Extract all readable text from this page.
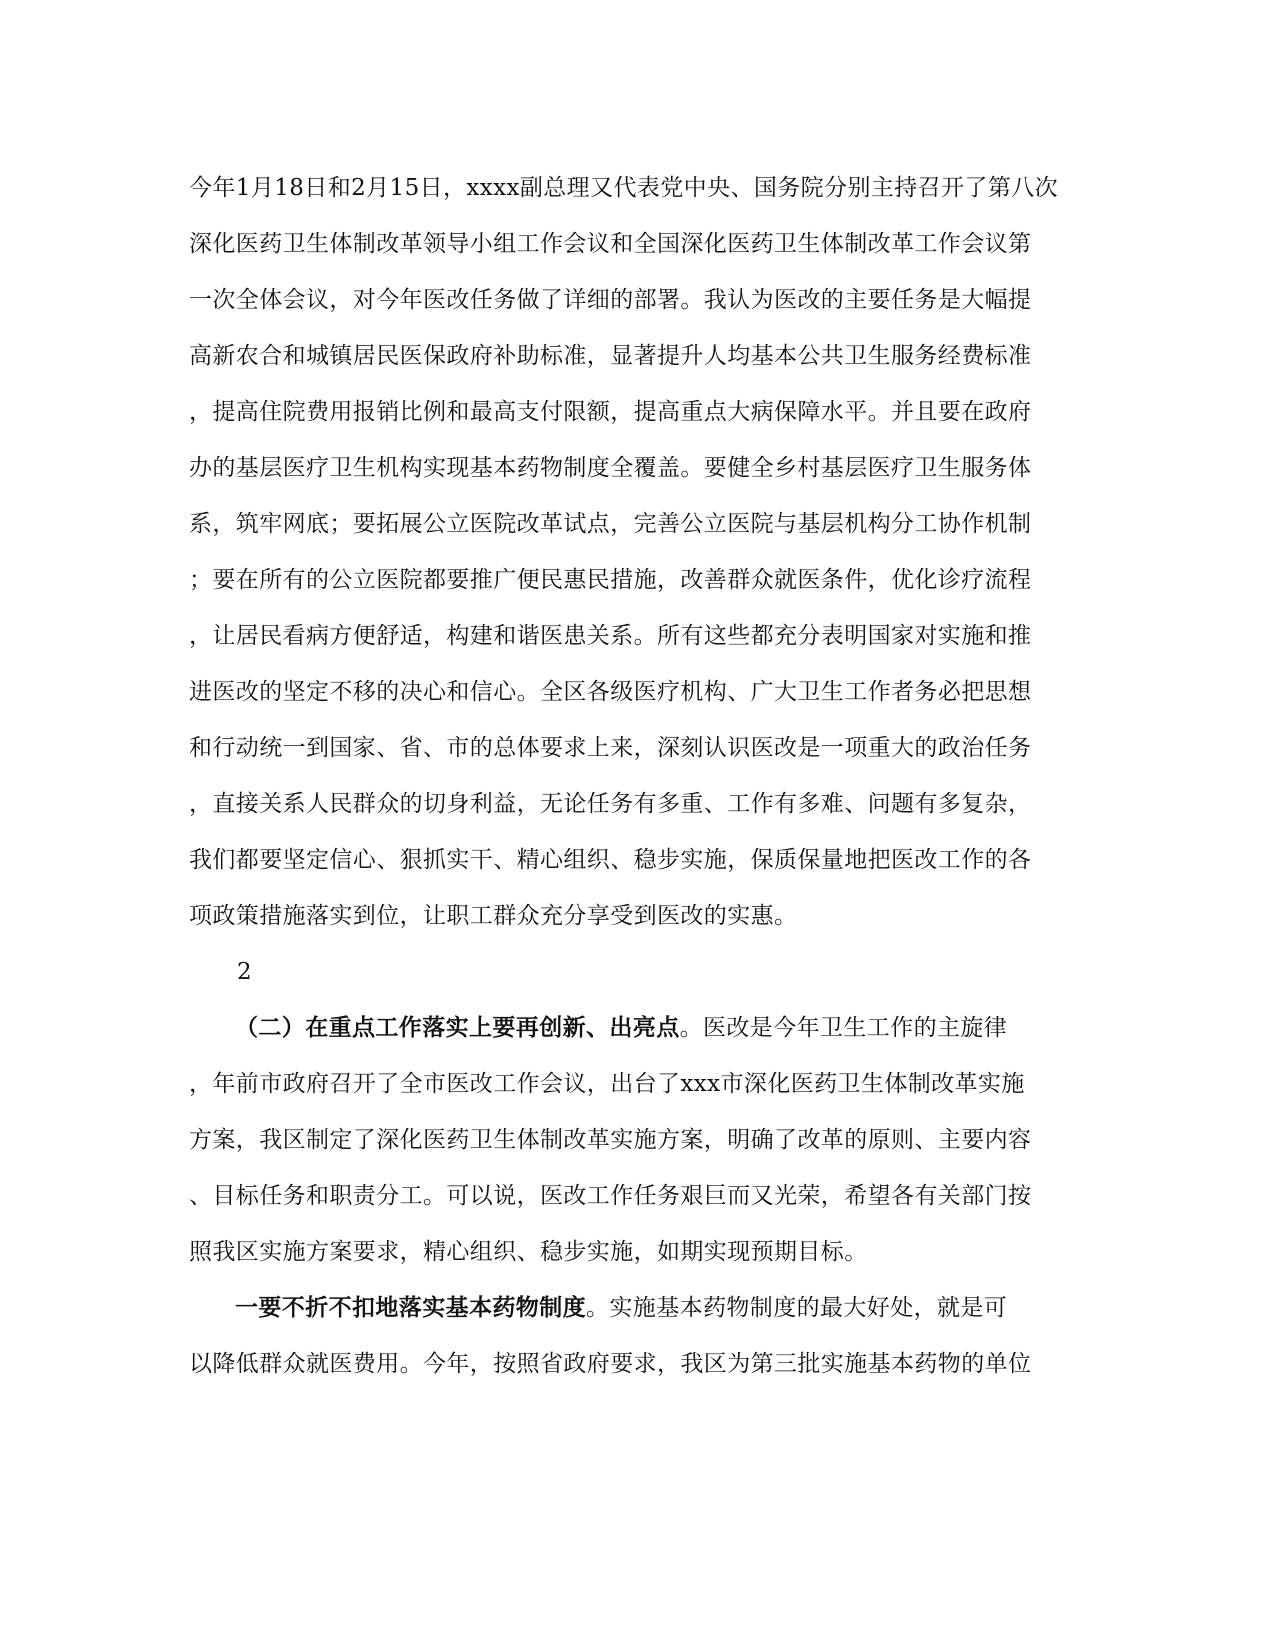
今年1月18日和2月15日，xxxx副总理又代表党中央、国务院分别主持召开了第八次
深化医药卫生体制改革领导小组工作会议和全国深化医药卫生体制改革工作会议第
一次全体会议，对今年医改任务做了详细的部署。我认为医改的主要任务是大幅提
高新农合和城镇居民医保政府补助标准，显著提升人均基本公共卫生服务经费标准
，提高住院费用报销比例和最高支付限额，提高重点大病保障水平。并且要在政府
办的基层医疗卫生机构实现基本药物制度全覆盖。要健全乡村基层医疗卫生服务体
系，筑牢网底；要拓展公立医院改革试点，完善公立医院与基层机构分工协作机制
；要在所有的公立医院都要推广便民惠民措施，改善群众就医条件，优化诊疗流程
，让居民看病方便舒适，构建和谐医患关系。所有这些都充分表明国家对实施和推
进医改的坚定不移的决心和信心。全区各级医疗机构、广大卫生工作者务必把思想
和行动统一到国家、省、市的总体要求上来，深刻认识医改是一项重大的政治任务
，直接关系人民群众的切身利益，无论任务有多重、工作有多难、问题有多复杂，
我们都要坚定信心、狠抓实干、精心组织、稳步实施，保质保量地把医改工作的各
项政策措施落实到位，让职工群众充分享受到医改的实惠。
2
（二）在重点工作落实上要再创新、出亮点。医改是今年卫生工作的主旋律
，年前市政府召开了全市医改工作会议，出台了xxx市深化医药卫生体制改革实施
方案，我区制定了深化医药卫生体制改革实施方案，明确了改革的原则、主要内容
、目标任务和职责分工。可以说，医改工作任务艰巨而又光荣，希望各有关部门按
照我区实施方案要求，精心组织、稳步实施，如期实现预期目标。
一要不折不扣地落实基本药物制度。实施基本药物制度的最大好处，就是可
以降低群众就医费用。今年，按照省政府要求，我区为第三批实施基本药物的单位
